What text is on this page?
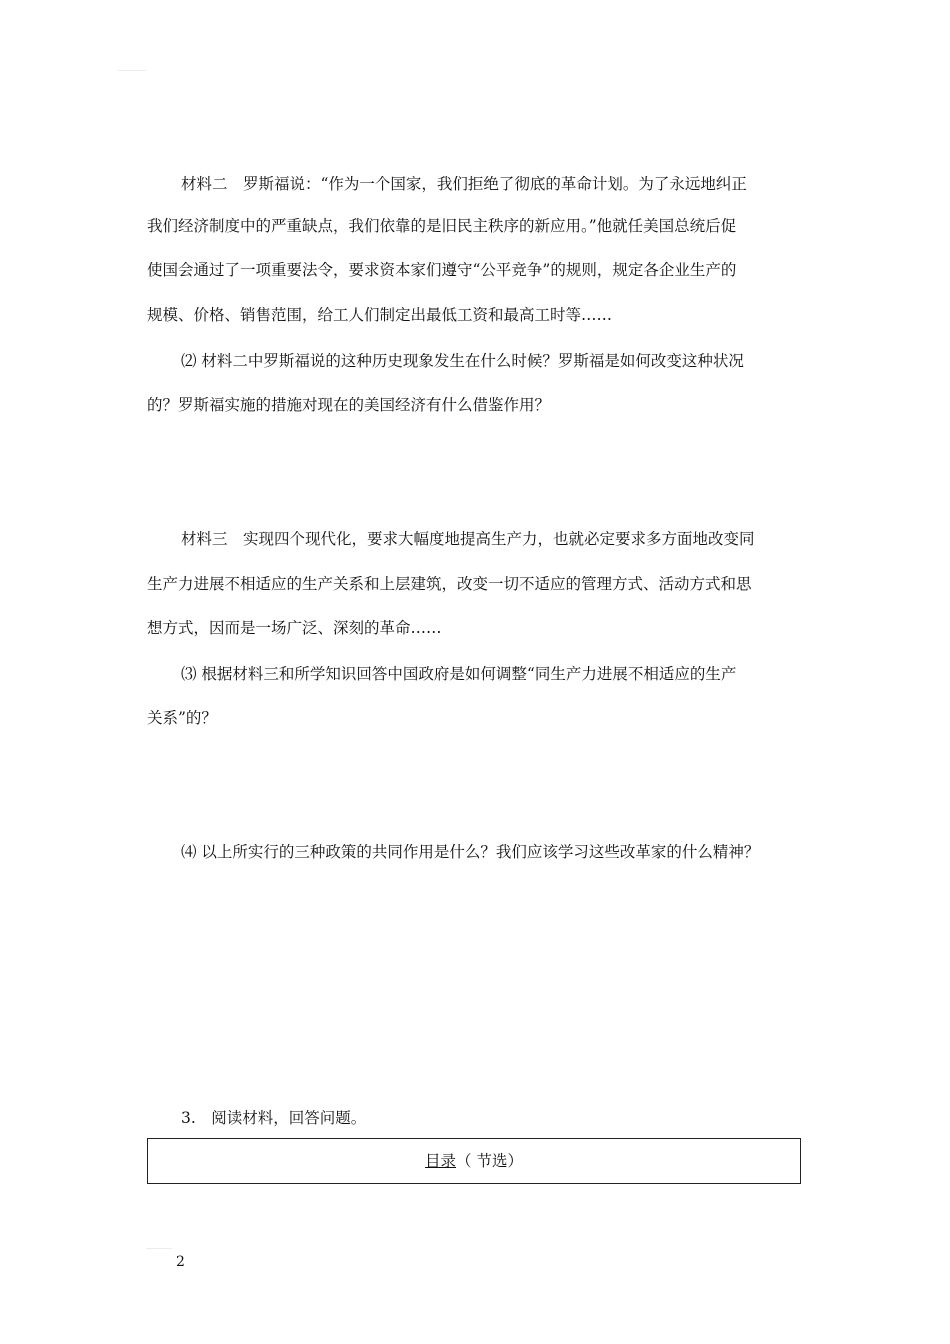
材料二　罗斯福说：“作为一个国家，我们拒绝了彻底的革命计划。为了永远地纠正
我们经济制度中的严重缺点，我们依靠的是旧民主秩序的新应用。”他就任美国总统后促
使国会通过了一项重要法令，要求资本家们遵守“公平竞争”的规则，规定各企业生产的
规模、价格、销售范围，给工人们制定出最低工资和最高工时等……
⑵ 材料二中罗斯福说的这种历史现象发生在什么时候？罗斯福是如何改变这种状况
的？罗斯福实施的措施对现在的美国经济有什么借鉴作用？
材料三　实现四个现代化，要求大幅度地提高生产力，也就必定要求多方面地改变同
生产力进展不相适应的生产关系和上层建筑，改变一切不适应的管理方式、活动方式和思
想方式，因而是一场广泛、深刻的革命……
⑶ 根据材料三和所学知识回答中国政府是如何调整“同生产力进展不相适应的生产
关系”的？
⑷ 以上所实行的三种政策的共同作用是什么？我们应该学习这些改革家的什么精神？
3.　阅读材料，回答问题。
目录（ 节选）
2
